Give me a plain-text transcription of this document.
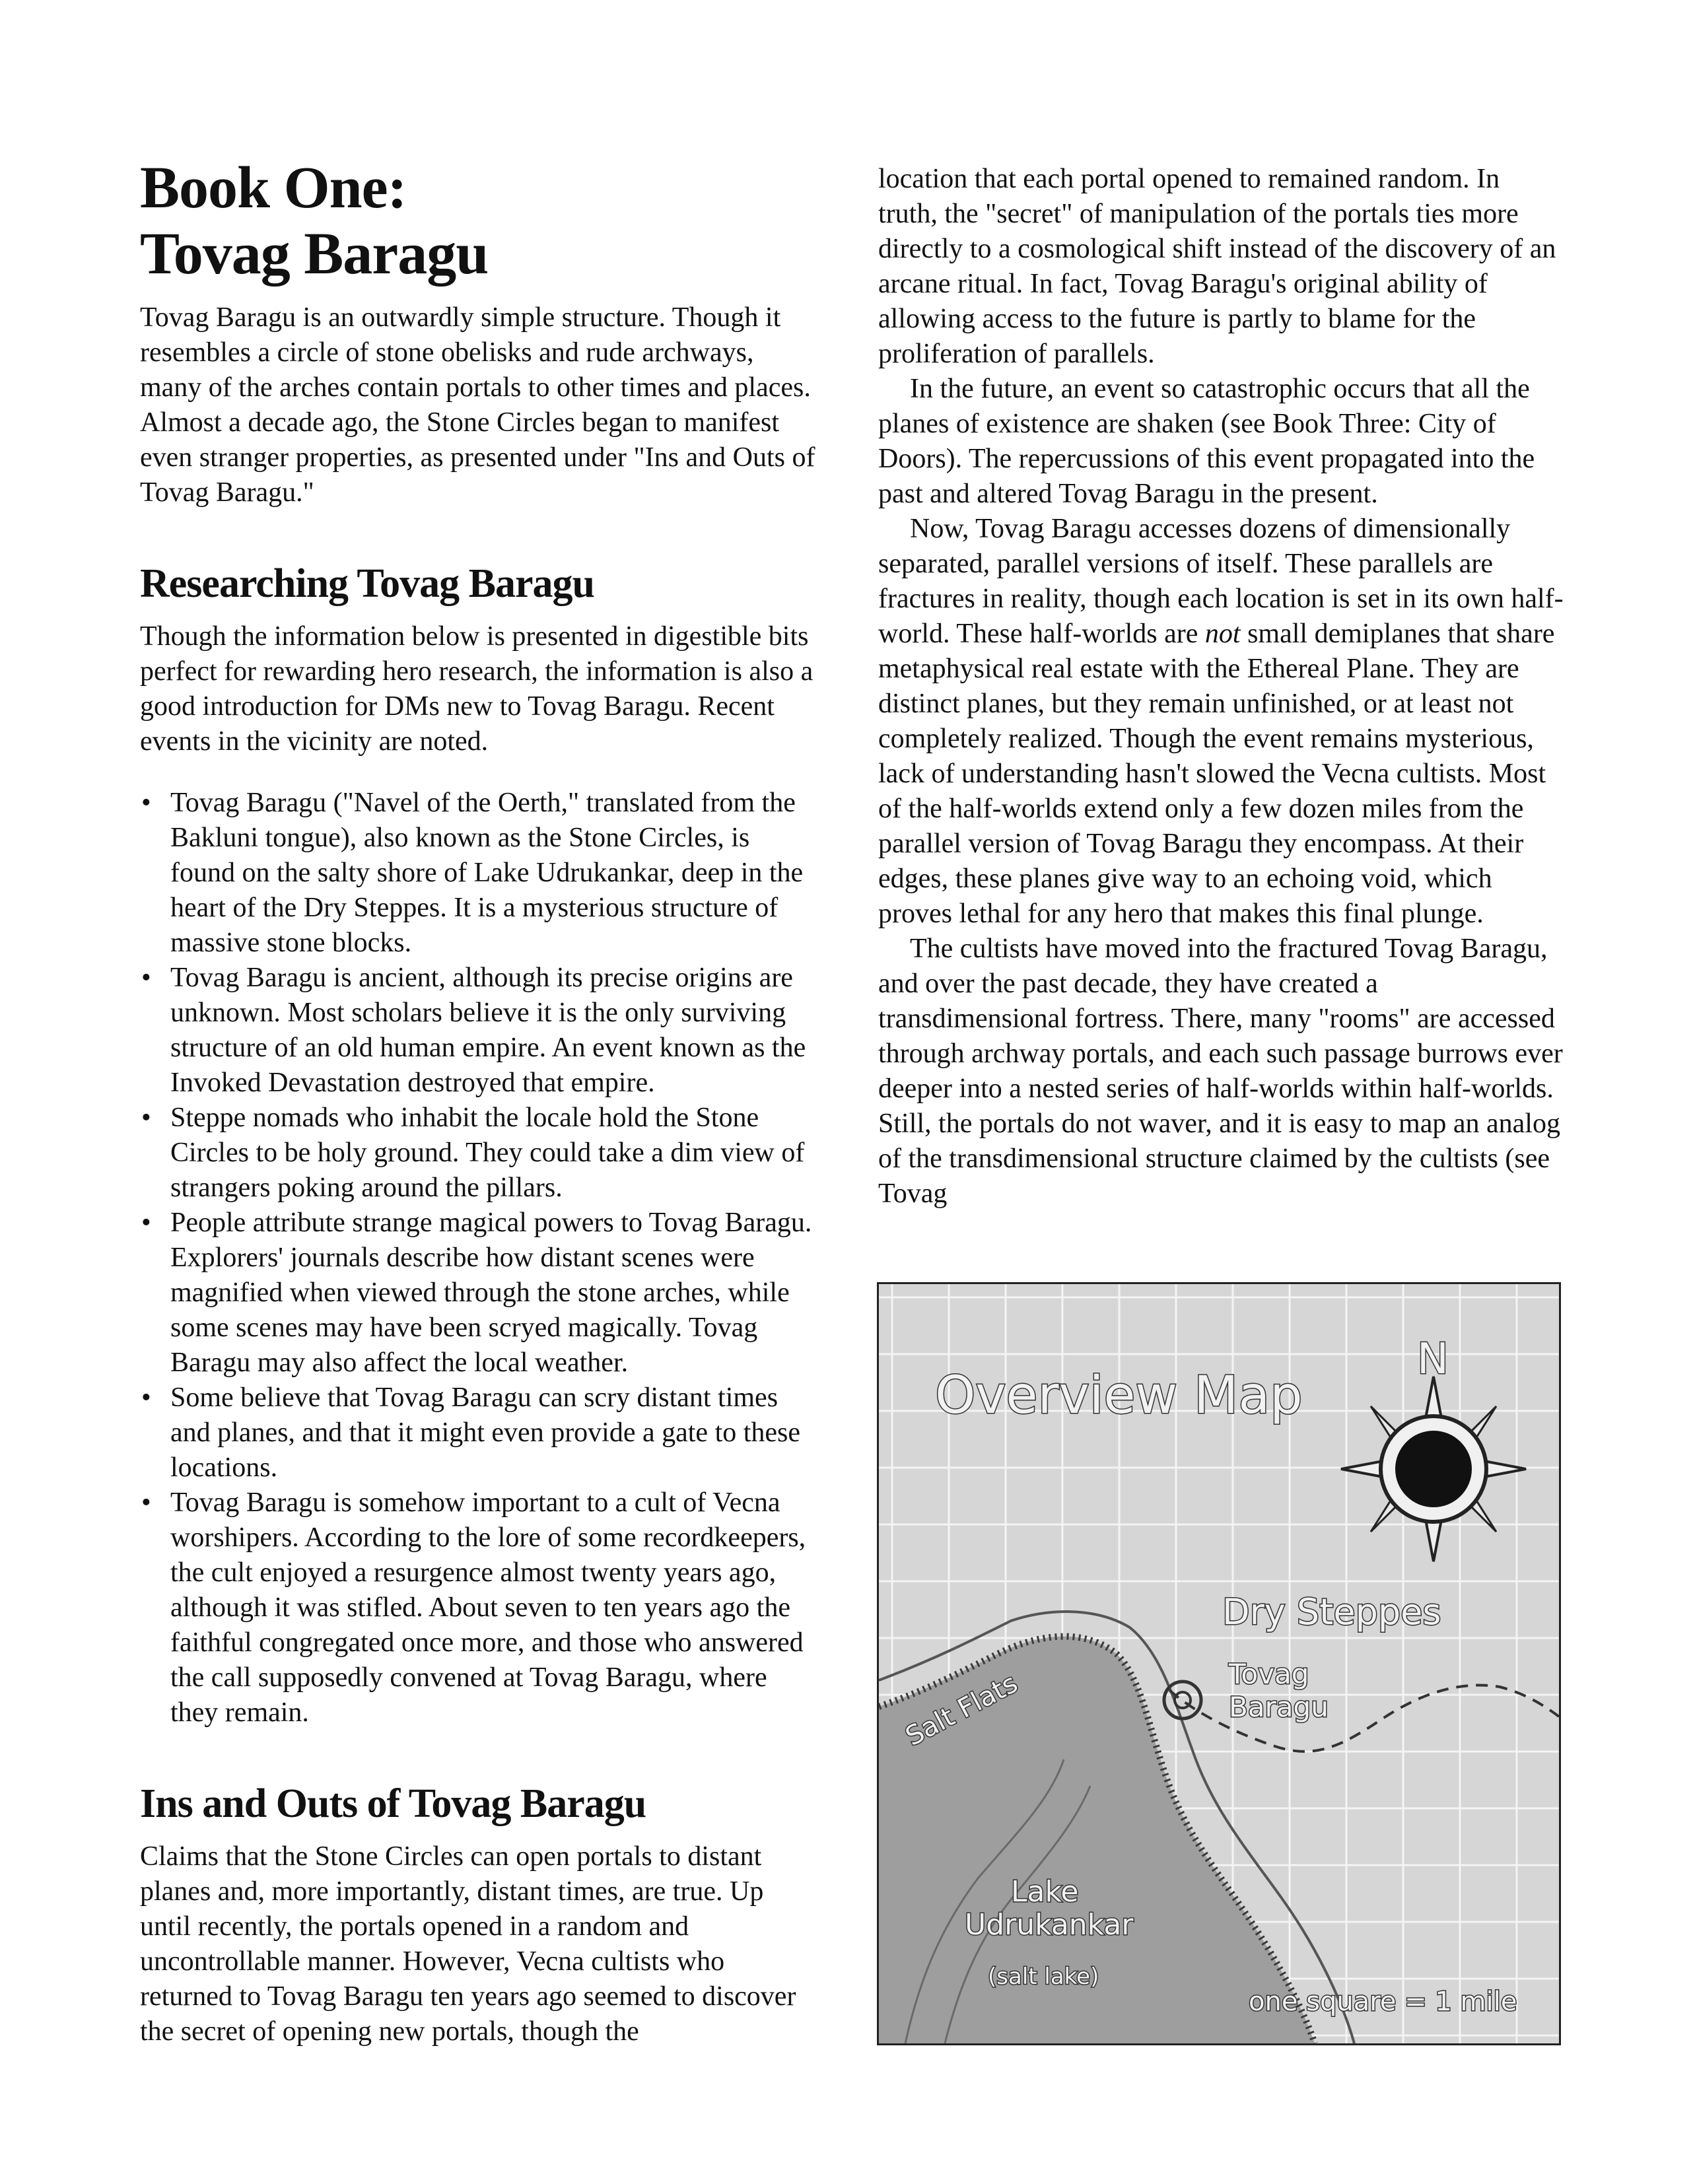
Book One:
Tovag Baragu

Tovag Baragu is an outwardly simple structure. Though it resembles a circle of stone obelisks and rude archways, many of the arches contain portals to other times and places. Almost a decade ago, the Stone Circles began to manifest even stranger properties, as presented under "Ins and Outs of Tovag Baragu."

Researching Tovag Baragu

Though the information below is presented in digestible bits perfect for rewarding hero research, the information is also a good introduction for DMs new to Tovag Baragu. Recent events in the vicinity are noted.

• Tovag Baragu ("Navel of the Oerth," translated from the Bakluni tongue), also known as the Stone Circles, is found on the salty shore of Lake Udrukankar, deep in the heart of the Dry Steppes. It is a mysterious structure of massive stone blocks.
• Tovag Baragu is ancient, although its precise origins are unknown. Most scholars believe it is the only surviving structure of an old human empire. An event known as the Invoked Devastation destroyed that empire.
• Steppe nomads who inhabit the locale hold the Stone Circles to be holy ground. They could take a dim view of strangers poking around the pillars.
• People attribute strange magical powers to Tovag Baragu. Explorers' journals describe how distant scenes were magnified when viewed through the stone arches, while some scenes may have been scryed magically. Tovag Baragu may also affect the local weather.
• Some believe that Tovag Baragu can scry distant times and planes, and that it might even provide a gate to these locations.
• Tovag Baragu is somehow important to a cult of Vecna worshipers. According to the lore of some recordkeepers, the cult enjoyed a resurgence almost twenty years ago, although it was stifled. About seven to ten years ago the faithful congregated once more, and those who answered the call supposedly convened at Tovag Baragu, where they remain.
Ins and Outs of Tovag Baragu

Claims that the Stone Circles can open portals to distant planes and, more importantly, distant times, are true. Up until recently, the portals opened in a random and uncontrollable manner. However, Vecna cultists who returned to Tovag Baragu ten years ago seemed to discover the secret of opening new portals, though the

location that each portal opened to remained random. In truth, the "secret" of manipulation of the portals ties more directly to a cosmological shift instead of the discovery of an arcane ritual. In fact, Tovag Baragu's original ability of allowing access to the future is partly to blame for the proliferation of parallels.

In the future, an event so catastrophic occurs that all the planes of existence are shaken (see Book Three: City of Doors). The repercussions of this event propagated into the past and altered Tovag Baragu in the present.

Now, Tovag Baragu accesses dozens of dimensionally separated, parallel versions of itself. These parallels are fractures in reality, though each location is set in its own half-world. These half-worlds are not small demiplanes that share metaphysical real estate with the Ethereal Plane. They are distinct planes, but they remain unfinished, or at least not completely realized. Though the event remains mysterious, lack of understanding hasn't slowed the Vecna cultists. Most of the half-worlds extend only a few dozen miles from the parallel version of Tovag Baragu they encompass. At their edges, these planes give way to an echoing void, which proves lethal for any hero that makes this final plunge.

The cultists have moved into the fractured Tovag Baragu, and over the past decade, they have created a transdimensional fortress. There, many "rooms" are accessed through archway portals, and each such passage burrows ever deeper into a nested series of half-worlds within half-worlds. Still, the portals do not waver, and it is easy to map an analog of the transdimensional structure claimed by the cultists (see Tovag

Overview Map
N
Dry Steppes
Tovag
Baragu
Salt Flats
Lake
Udrukankar
(salt lake)
one square = 1 mile
